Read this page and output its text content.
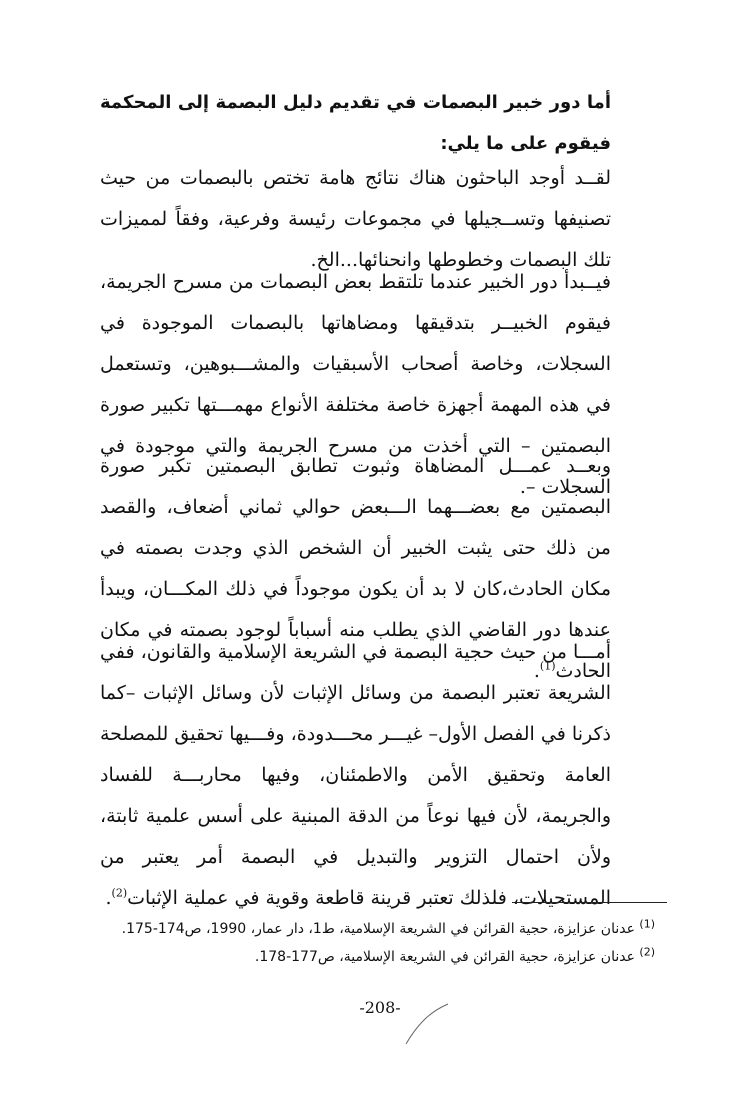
أما دور خبير البصمات في تقديم دليل البصمة إلى المحكمة فيقوم على ما يلي:

لقــد أوجد الباحثون هناك نتائج هامة تختص بالبصمات من حيث تصنيفها وتســجيلها في مجموعات رئيسة وفرعية، وفقاً لمميزات تلك البصمات وخطوطها وانحنائها...الخ.

فيــبدأ دور الخبير عندما تلتقط بعض البصمات من مسرح الجريمة، فيقوم الخبيــر بتدقيقها ومضاهاتها بالبصمات الموجودة في السجلات، وخاصة أصحاب الأسبقيات والمشـــبوهين، وتستعمل في هذه المهمة أجهزة خاصة مختلفة الأنواع مهمـــتها تكبير صورة البصمتين – التي أخذت من مسرح الجريمة والتي موجودة في السجلات –.

وبعــد عمـــل المضاهاة وثبوت تطابق البصمتين تكبر صورة البصمتين مع بعضـــهما الـــبعض حوالي ثماني أضعاف، والقصد من ذلك حتى يثبت الخبير أن الشخص الذي وجدت بصمته في مكان الحادث،كان لا بد أن يكون موجوداً في ذلك المكـــان، ويبدأ عندها دور القاضي الذي يطلب منه أسباباً لوجود بصمته في مكان الحادث$^{(1)}$.

أمـــا من حيث حجية البصمة في الشريعة الإسلامية والقانون، ففي الشريعة تعتبر البصمة من وسائل الإثبات لأن وسائل الإثبات –كما ذكرنا في الفصل الأول– غيـــر محـــدودة، وفـــيها تحقيق للمصلحة العامة وتحقيق الأمن والاطمئنان، وفيها محاربـــة للفساد والجريمة، لأن فيها نوعاً من الدقة المبنية على أسس علمية ثابتة، ولأن احتمال التزوير والتبديل في البصمة أمر يعتبر من المستحيلات، فلذلك تعتبر قرينة قاطعة وقوية في عملية الإثبات$^{(2)}$.

$^{(1)}$ عدنان عزايزة، حجية القرائن في الشريعة الإسلامية، ط1، دار عمار، 1990، ص174-175.

$^{(2)}$ عدنان عزايزة، حجية القرائن في الشريعة الإسلامية، ص177-178.

-208-
